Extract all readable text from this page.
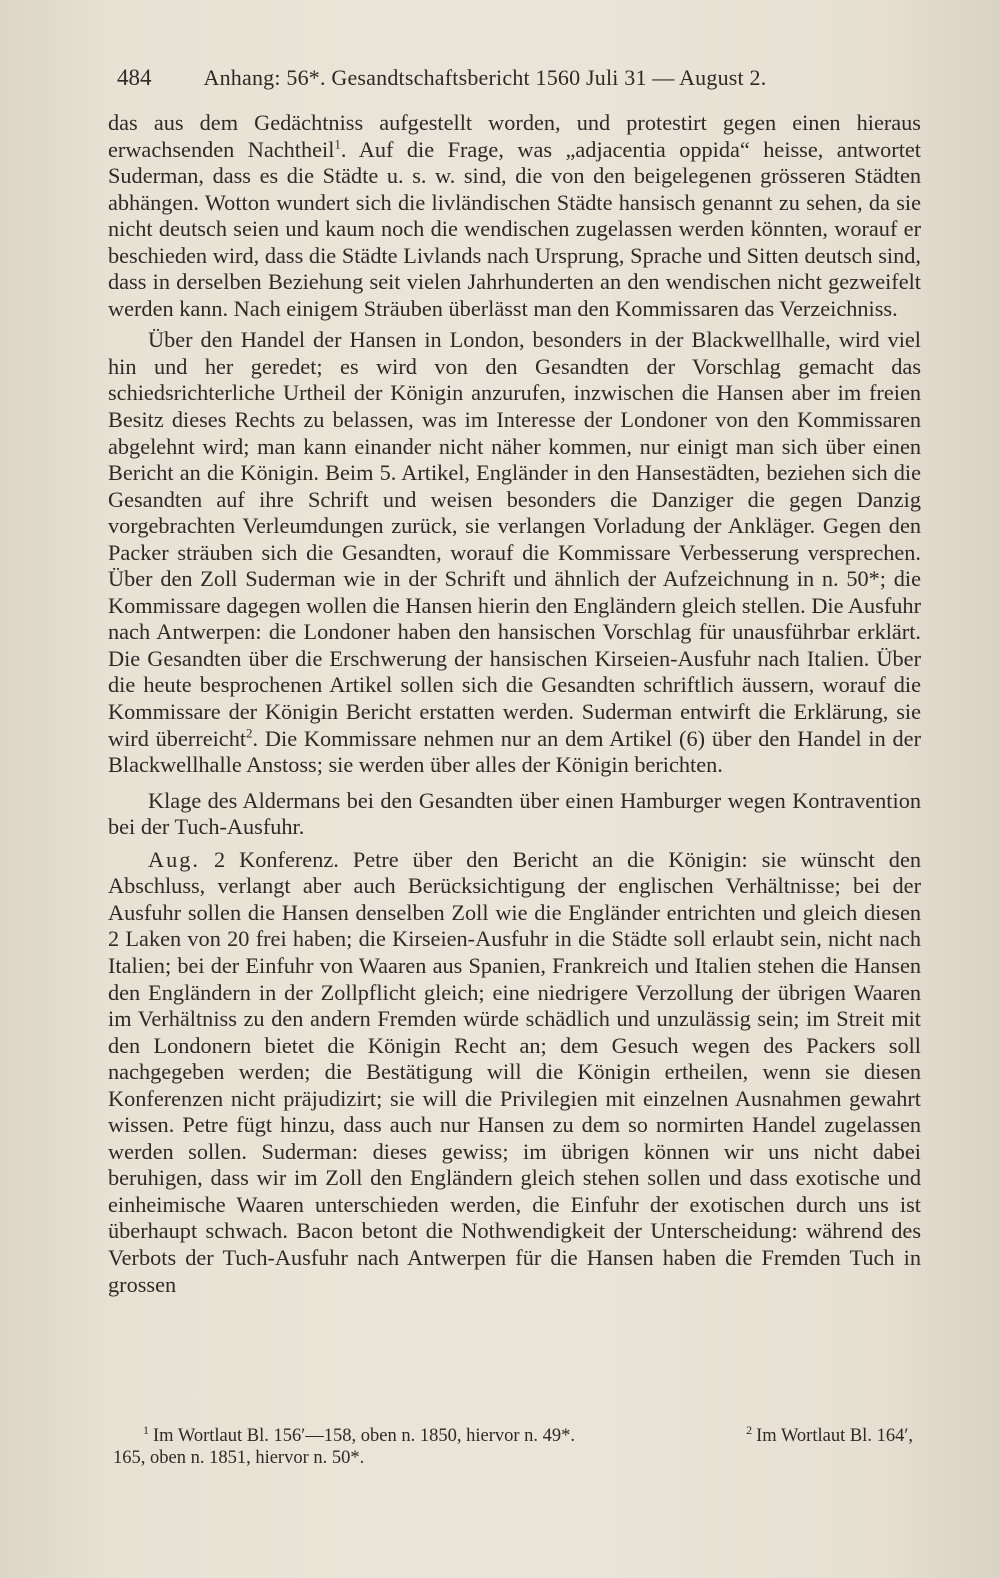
484 Anhang: 56*. Gesandtschaftsbericht 1560 Juli 31 — August 2.

das aus dem Gedächtniss aufgestellt worden, und protestirt gegen einen hieraus erwachsenden Nachtheil$^1$. Auf die Frage, was „adjacentia oppida“ heisse, antwortet Suderman, dass es die Städte u. s. w. sind, die von den beigelegenen grösseren Städten abhängen. Wotton wundert sich die livländischen Städte hansisch genannt zu sehen, da sie nicht deutsch seien und kaum noch die wendischen zugelassen werden könnten, worauf er beschieden wird, dass die Städte Livlands nach Ursprung, Sprache und Sitten deutsch sind, dass in derselben Beziehung seit vielen Jahrhunderten an den wendischen nicht gezweifelt werden kann. Nach einigem Sträuben überlässt man den Kommissaren das Verzeichniss.

Über den Handel der Hansen in London, besonders in der Blackwellhalle, wird viel hin und her geredet; es wird von den Gesandten der Vorschlag gemacht das schiedsrichterliche Urtheil der Königin anzurufen, inzwischen die Hansen aber im freien Besitz dieses Rechts zu belassen, was im Interesse der Londoner von den Kommissaren abgelehnt wird; man kann einander nicht näher kommen, nur einigt man sich über einen Bericht an die Königin. Beim 5. Artikel, Engländer in den Hansestädten, beziehen sich die Gesandten auf ihre Schrift und weisen besonders die Danziger die gegen Danzig vorgebrachten Verleumdungen zurück, sie verlangen Vorladung der Ankläger. Gegen den Packer sträuben sich die Gesandten, worauf die Kommissare Verbesserung versprechen. Über den Zoll Suderman wie in der Schrift und ähnlich der Aufzeichnung in n. 50*; die Kommissare dagegen wollen die Hansen hierin den Engländern gleich stellen. Die Ausfuhr nach Antwerpen: die Londoner haben den hansischen Vorschlag für unausführbar erklärt. Die Gesandten über die Erschwerung der hansischen Kirseien-Ausfuhr nach Italien. Über die heute besprochenen Artikel sollen sich die Gesandten schriftlich äussern, worauf die Kommissare der Königin Bericht erstatten werden. Suderman entwirft die Erklärung, sie wird überreicht$^2$. Die Kommissare nehmen nur an dem Artikel (6) über den Handel in der Blackwellhalle Anstoss; sie werden über alles der Königin berichten.

Klage des Aldermans bei den Gesandten über einen Hamburger wegen Kontravention bei der Tuch-Ausfuhr.

Aug. 2 Konferenz. Petre über den Bericht an die Königin: sie wünscht den Abschluss, verlangt aber auch Berücksichtigung der englischen Verhältnisse; bei der Ausfuhr sollen die Hansen denselben Zoll wie die Engländer entrichten und gleich diesen 2 Laken von 20 frei haben; die Kirseien-Ausfuhr in die Städte soll erlaubt sein, nicht nach Italien; bei der Einfuhr von Waaren aus Spanien, Frankreich und Italien stehen die Hansen den Engländern in der Zollpflicht gleich; eine niedrigere Verzollung der übrigen Waaren im Verhältniss zu den andern Fremden würde schädlich und unzulässig sein; im Streit mit den Londonern bietet die Königin Recht an; dem Gesuch wegen des Packers soll nachgegeben werden; die Bestätigung will die Königin ertheilen, wenn sie diesen Konferenzen nicht präjudizirt; sie will die Privilegien mit einzelnen Ausnahmen gewahrt wissen. Petre fügt hinzu, dass auch nur Hansen zu dem so normirten Handel zugelassen werden sollen. Suderman: dieses gewiss; im übrigen können wir uns nicht dabei beruhigen, dass wir im Zoll den Engländern gleich stehen sollen und dass exotische und einheimische Waaren unterschieden werden, die Einfuhr der exotischen durch uns ist überhaupt schwach. Bacon betont die Nothwendigkeit der Unterscheidung: während des Verbots der Tuch-Ausfuhr nach Antwerpen für die Hansen haben die Fremden Tuch in grossen

$^1$ Im Wortlaut Bl. 156′—158, oben n. 1850, hiervor n. 49*.	$^2$ Im Wortlaut Bl. 164′,
165, oben n. 1851, hiervor n. 50*.
